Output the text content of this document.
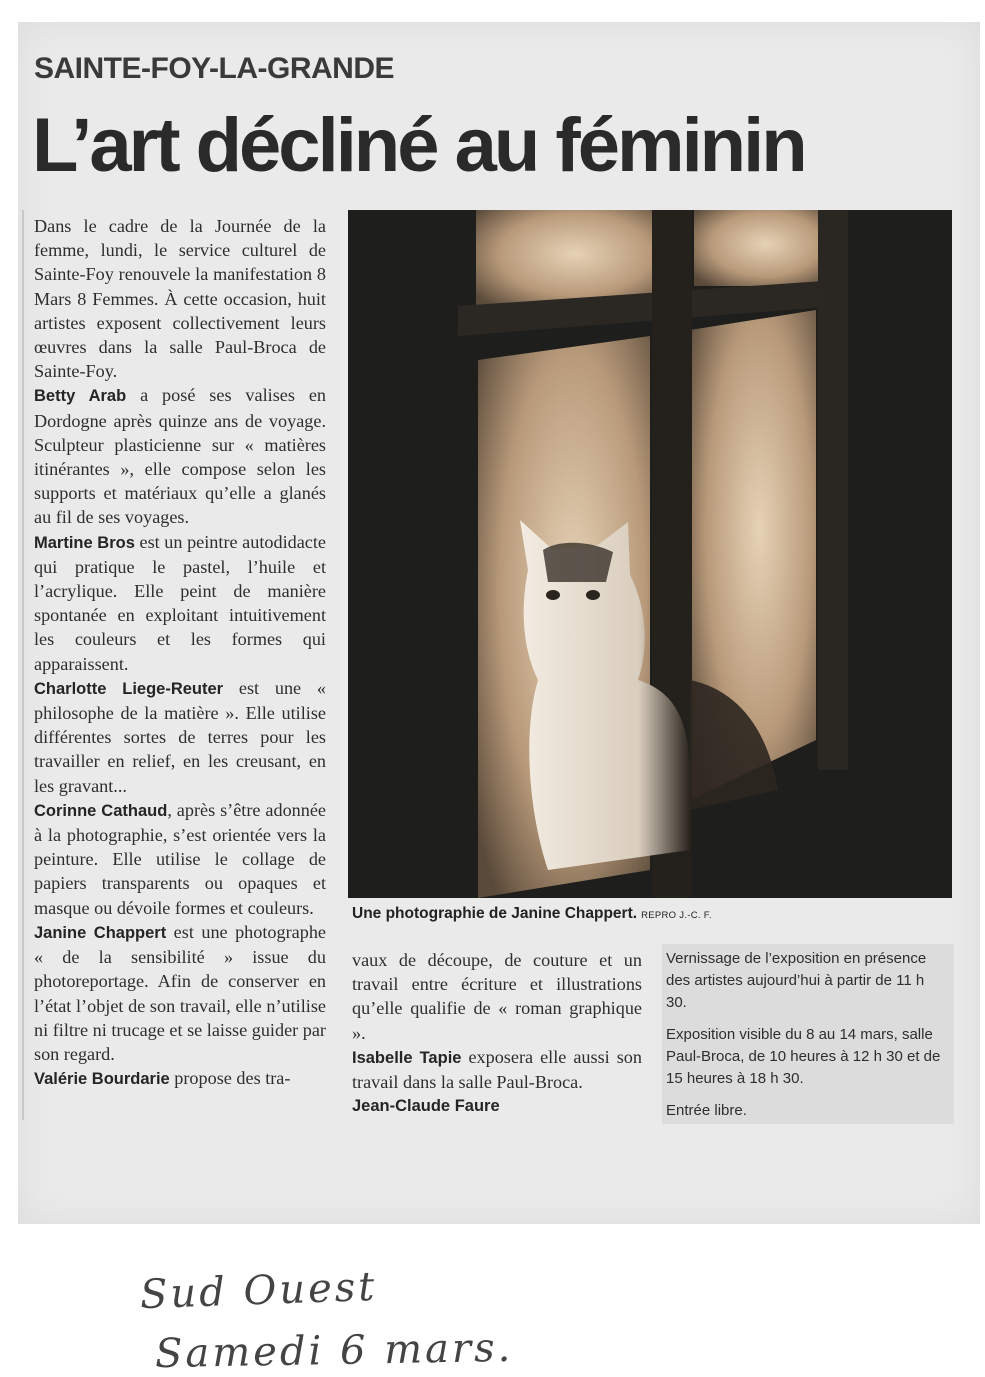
SAINTE-FOY-LA-GRANDE
L’art décliné au féminin

Dans le cadre de la Journée de la femme, lundi, le service culturel de Sainte-Foy renouvele la manifestation 8 Mars 8 Femmes. À cette occasion, huit artistes exposent collectivement leurs œuvres dans la salle Paul-Broca de Sainte-Foy.

Betty Arab a posé ses valises en Dordogne après quinze ans de voyage. Sculpteur plasticienne sur « matières itinérantes », elle compose selon les supports et matériaux qu’elle a glanés au fil de ses voyages.

Martine Bros est un peintre autodidacte qui pratique le pastel, l’huile et l’acrylique. Elle peint de manière spontanée en exploitant intuitivement les couleurs et les formes qui apparaissent.

Charlotte Liege-Reuter est une « philosophe de la matière ». Elle utilise différentes sortes de terres pour les travailler en relief, en les creusant, en les gravant...

Corinne Cathaud, après s’être adonnée à la photographie, s’est orientée vers la peinture. Elle utilise le collage de papiers transparents ou opaques et masque ou dévoile formes et couleurs.

Janine Chappert est une photographe « de la sensibilité » issue du photoreportage. Afin de conserver en l’état l’objet de son travail, elle n’utilise ni filtre ni trucage et se laisse guider par son regard.

Valérie Bourdarie propose des tra-

Une photographie de Janine Chappert. REPRO J.-C. F.

vaux de découpe, de couture et un travail entre écriture et illustrations qu’elle qualifie de « roman graphique ».

Isabelle Tapie exposera elle aussi son travail dans la salle Paul-Broca.

Jean-Claude Faure

Vernissage de l’exposition en présence des artistes aujourd’hui à partir de 11 h 30.

Exposition visible du 8 au 14 mars, salle Paul-Broca, de 10 heures à 12 h 30 et de 15 heures à 18 h 30.

Entrée libre.

Sud Ouest
Samedi 6 mars.
